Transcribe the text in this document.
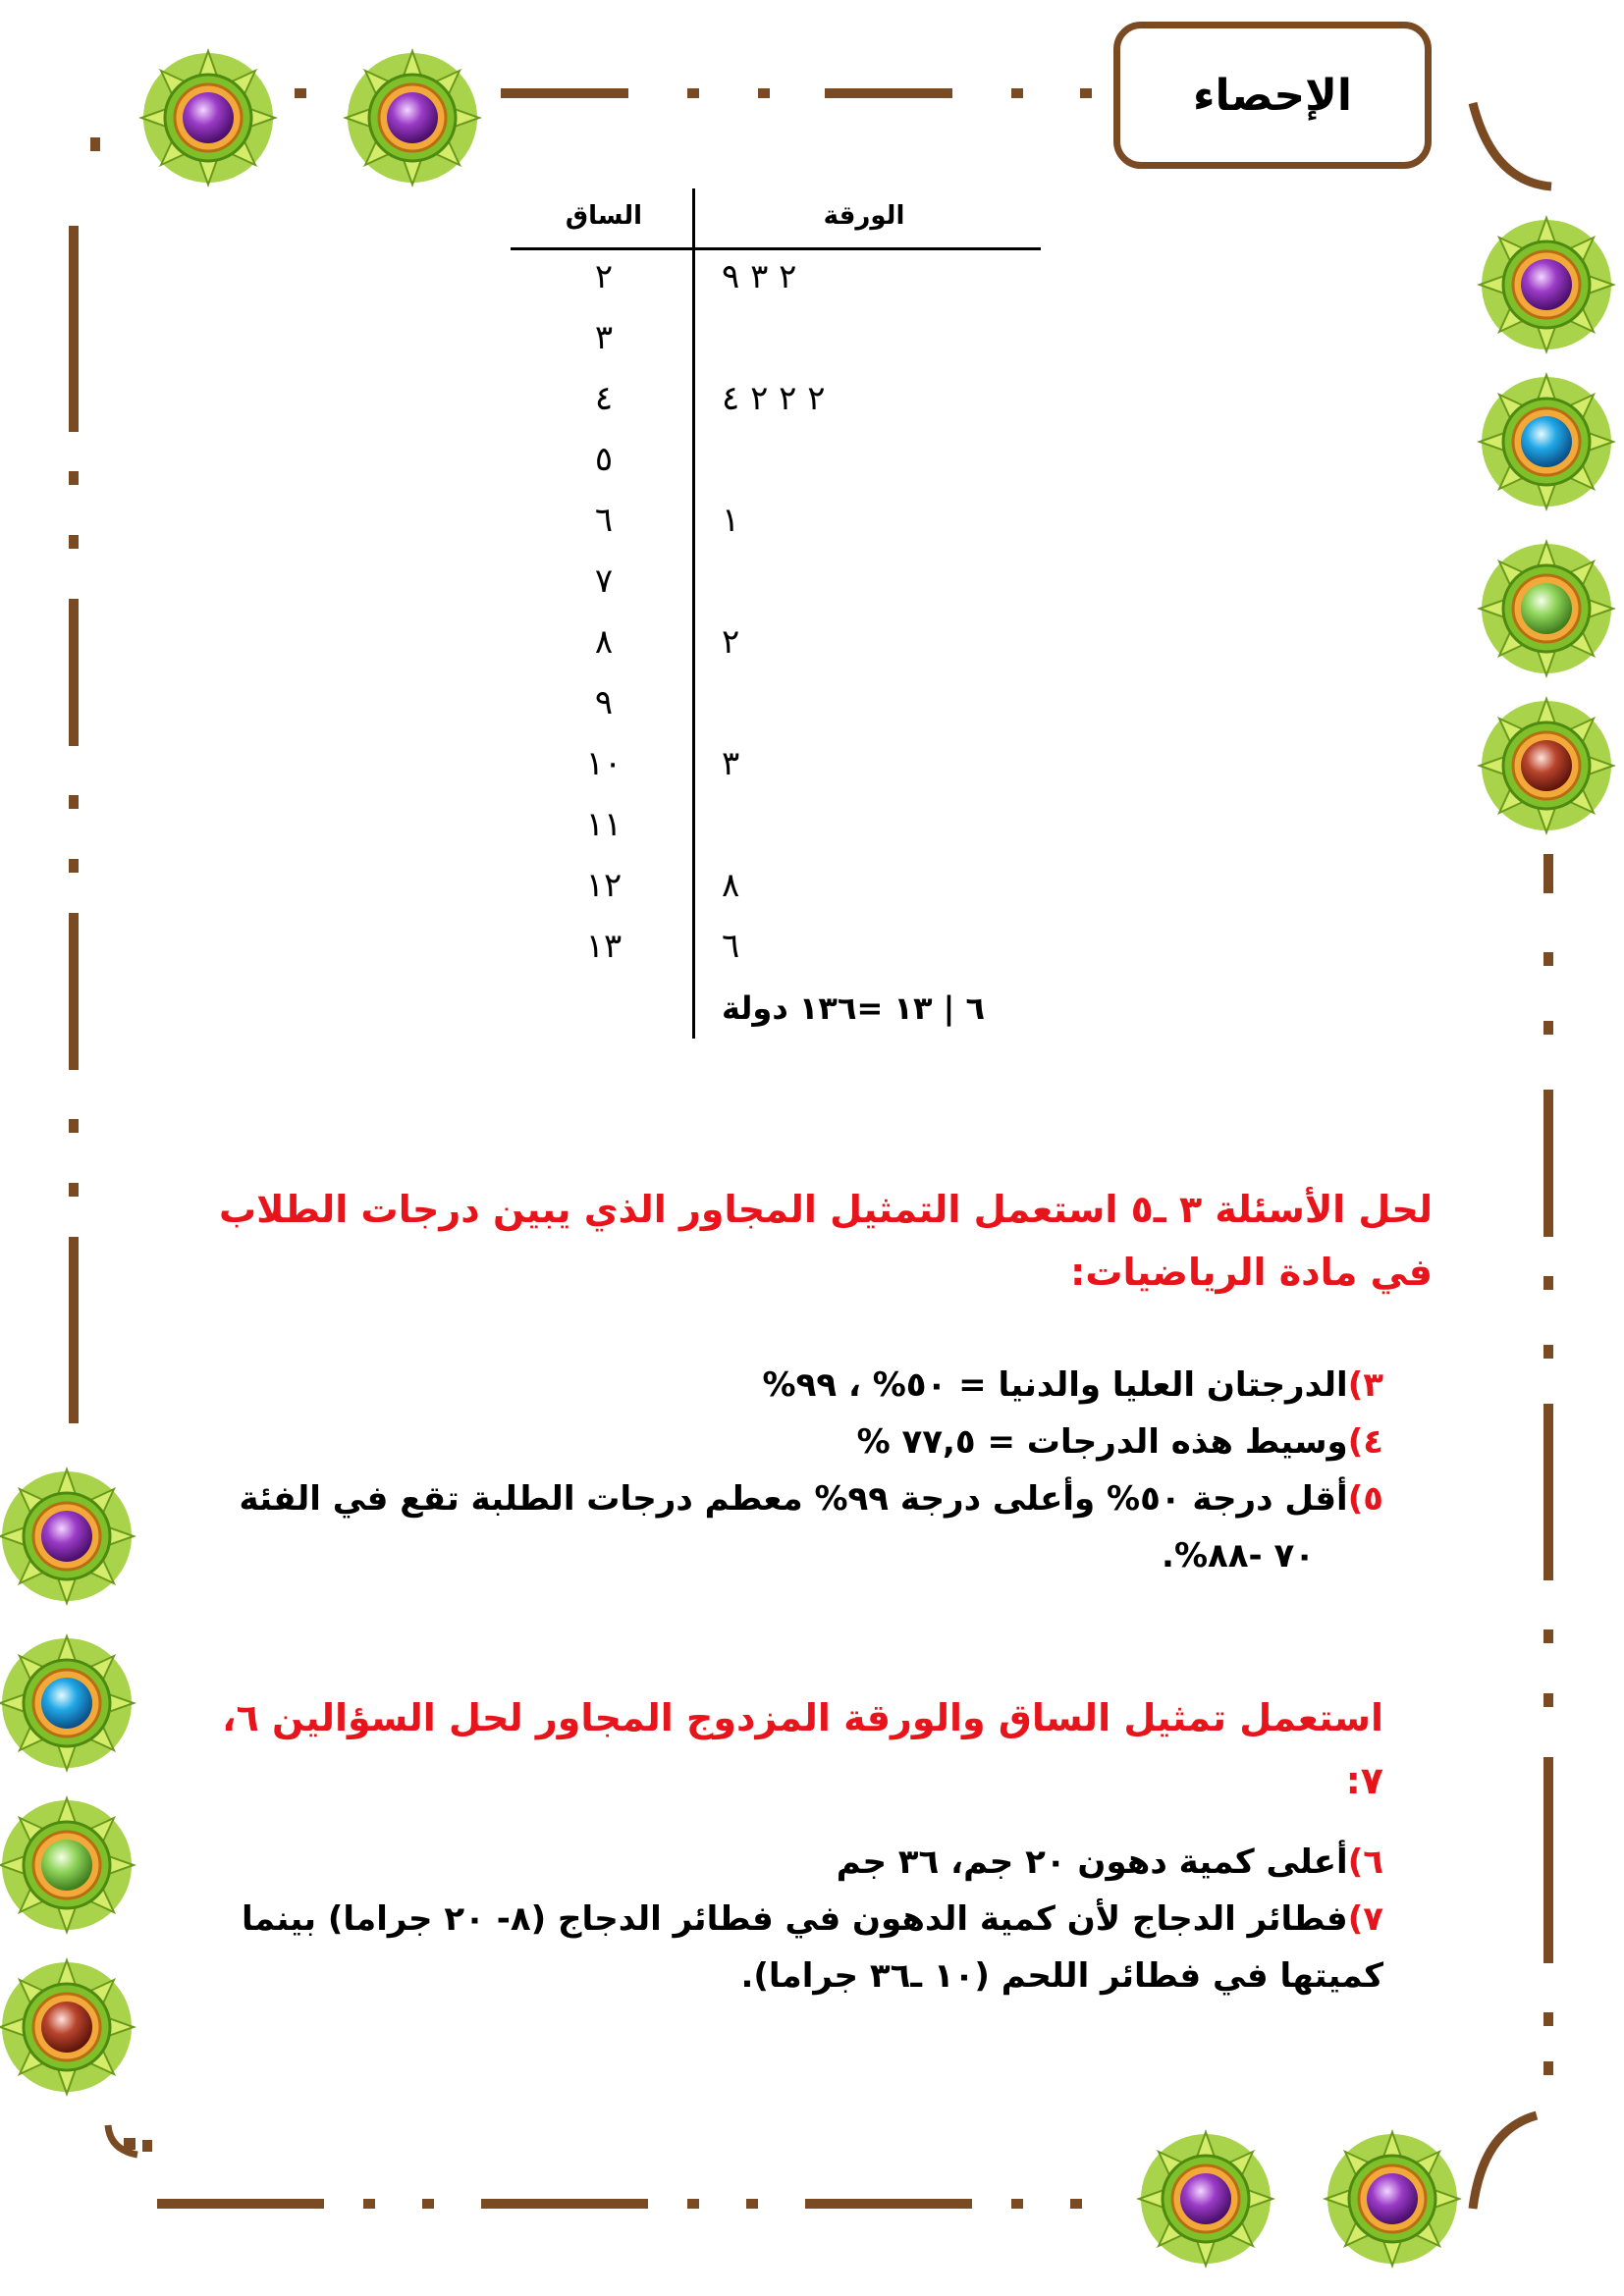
الإحصاء
الساق	الورقة
٢	٢ ٣ ٩
٣
٤	٢ ٢ ٢ ٤
٥
٦	١
٧
٨	٢
٩
١٠	٣
١١
١٢	٨
١٣	٦
٦ | ١٣ =١٣٦ دولة
لحل الأسئلة ٣ ـ٥ استعمل التمثيل المجاور الذي يبين درجات الطلاب
في مادة الرياضيات:
٣)الدرجتان العليا والدنيا = ٥٠% ، ٩٩%
٤)وسيط هذه الدرجات = ٧٧,٥ %
٥)أقل درجة ٥٠% وأعلى درجة ٩٩% معطم درجات الطلبة تقع في الفئة
٧٠ -٨٨%.
استعمل تمثيل الساق والورقة المزدوج المجاور لحل السؤالين ٦،
٧:
٦)أعلى كمية دهون ٢٠ جم، ٣٦ جم
٧)فطائر الدجاج لأن كمية الدهون في فطائر الدجاج (٨- ٢٠ جراما) بينما
كميتها في فطائر اللحم (١٠ ـ٣٦ جراما).
